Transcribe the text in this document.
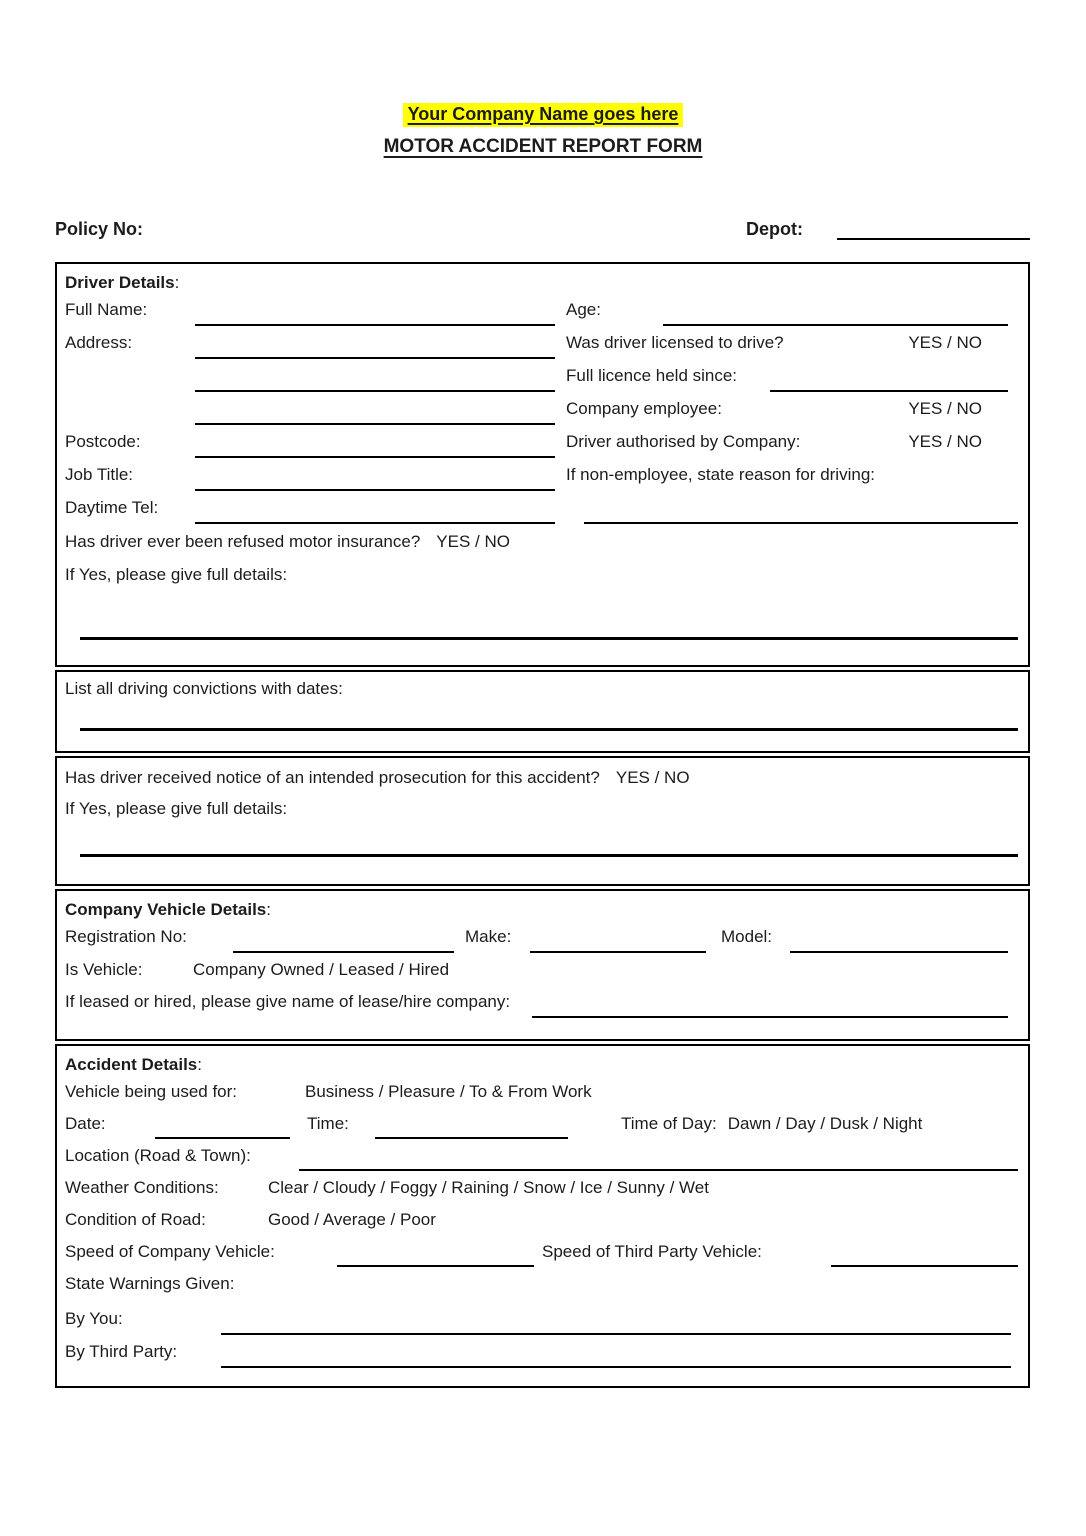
Your Company Name goes here
MOTOR ACCIDENT REPORT FORM
Policy No:	Depot:
Driver Details:
Full Name:	Age:
Address:	Was driver licensed to drive?	YES / NO
Full licence held since:
Company employee:	YES / NO
Postcode:	Driver authorised by Company:	YES / NO
Job Title:	If non-employee, state reason for driving:
Daytime Tel:
Has driver ever been refused motor insurance? YES / NO
If Yes, please give full details:
List all driving convictions with dates:
Has driver received notice of an intended prosecution for this accident? YES / NO
If Yes, please give full details:
Company Vehicle Details:
Registration No:	Make:	Model:
Is Vehicle:	Company Owned / Leased / Hired
If leased or hired, please give name of lease/hire company:
Accident Details:
Vehicle being used for:	Business / Pleasure / To & From Work
Date:	Time:	Time of Day: Dawn / Day / Dusk / Night
Location (Road & Town):
Weather Conditions:	Clear / Cloudy / Foggy / Raining / Snow / Ice / Sunny / Wet
Condition of Road:	Good / Average / Poor
Speed of Company Vehicle:	Speed of Third Party Vehicle:
State Warnings Given:
By You:
By Third Party:
